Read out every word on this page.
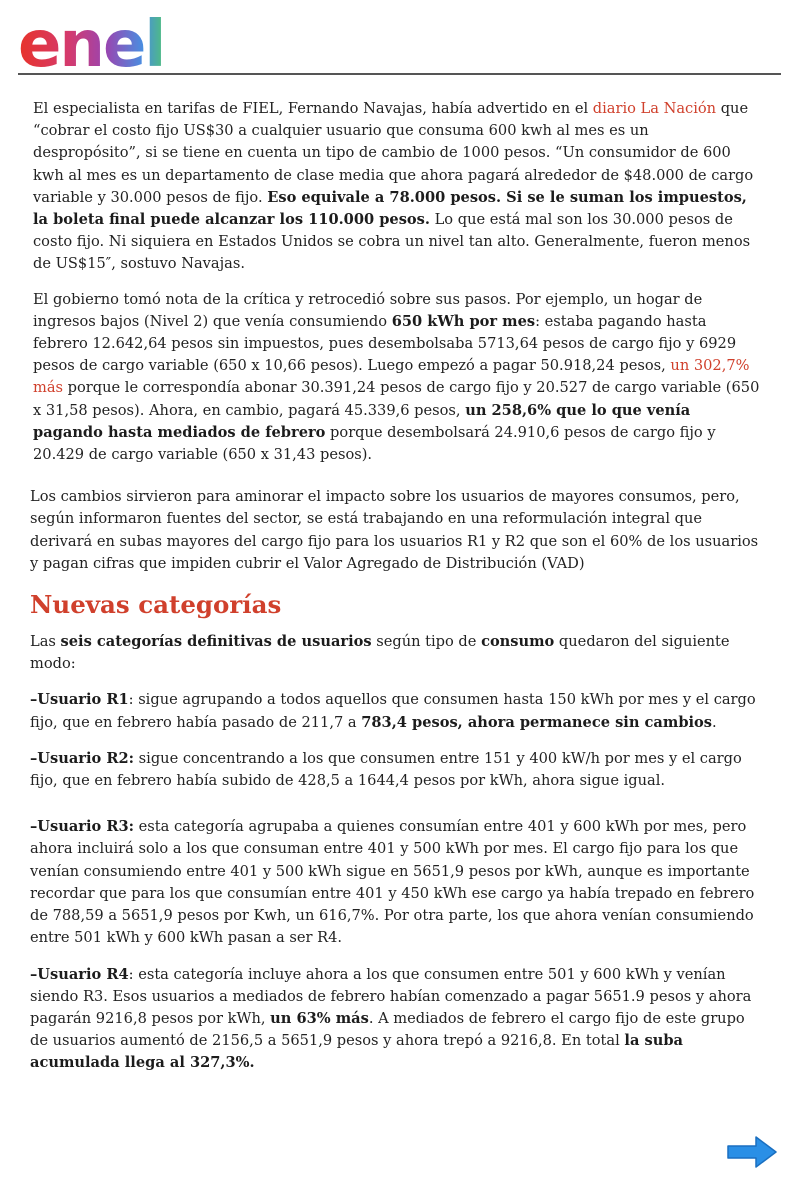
enel

El especialista en tarifas de FIEL, Fernando Navajas, había advertido en el diario La Nación que “cobrar el costo fijo US$30 a cualquier usuario que consuma 600 kwh al mes es un despropósito”, si se tiene en cuenta un tipo de cambio de 1000 pesos. “Un consumidor de 600 kwh al mes es un departamento de clase media que ahora pagará alrededor de $48.000 de cargo variable y 30.000 pesos de fijo. Eso equivale a 78.000 pesos. Si se le suman los impuestos, la boleta final puede alcanzar los 110.000 pesos. Lo que está mal son los 30.000 pesos de costo fijo. Ni siquiera en Estados Unidos se cobra un nivel tan alto. Generalmente, fueron menos de US$15″, sostuvo Navajas.

El gobierno tomó nota de la crítica y retrocedió sobre sus pasos. Por ejemplo, un hogar de ingresos bajos (Nivel 2) que venía consumiendo 650 kWh por mes: estaba pagando hasta febrero 12.642,64 pesos sin impuestos, pues desembolsaba 5713,64 pesos de cargo fijo y 6929 pesos de cargo variable (650 x 10,66 pesos). Luego empezó a pagar 50.918,24 pesos, un 302,7% más porque le correspondía abonar 30.391,24 pesos de cargo fijo y 20.527 de cargo variable (650 x 31,58 pesos). Ahora, en cambio, pagará 45.339,6 pesos, un 258,6% que lo que venía pagando hasta mediados de febrero porque desembolsará 24.910,6 pesos de cargo fijo y 20.429 de cargo variable (650 x 31,43 pesos).

Los cambios sirvieron para aminorar el impacto sobre los usuarios de mayores consumos, pero, según informaron fuentes del sector, se está trabajando en una reformulación integral que derivará en subas mayores del cargo fijo para los usuarios R1 y R2 que son el 60% de los usuarios y pagan cifras que impiden cubrir el Valor Agregado de Distribución (VAD)

Nuevas categorías

Las seis categorías definitivas de usuarios según tipo de consumo quedaron del siguiente modo:

–Usuario R1: sigue agrupando a todos aquellos que consumen hasta 150 kWh por mes y el cargo fijo, que en febrero había pasado de 211,7 a 783,4 pesos, ahora permanece sin cambios.

–Usuario R2: sigue concentrando a los que consumen entre 151 y 400 kW/h por mes y el cargo fijo, que en febrero había subido de 428,5 a 1644,4 pesos por kWh, ahora sigue igual.

–Usuario R3: esta categoría agrupaba a quienes consumían entre 401 y 600 kWh por mes, pero ahora incluirá solo a los que consuman entre 401 y 500 kWh por mes. El cargo fijo para los que venían consumiendo entre 401 y 500 kWh sigue en 5651,9 pesos por kWh, aunque es importante recordar que para los que consumían entre 401 y 450 kWh ese cargo ya había trepado en febrero de 788,59 a 5651,9 pesos por Kwh, un 616,7%. Por otra parte, los que ahora venían consumiendo entre 501 kWh y 600 kWh pasan a ser R4.

–Usuario R4: esta categoría incluye ahora a los que consumen entre 501 y 600 kWh y venían siendo R3. Esos usuarios a mediados de febrero habían comenzado a pagar 5651.9 pesos y ahora pagarán 9216,8 pesos por kWh, un 63% más. A mediados de febrero el cargo fijo de este grupo de usuarios aumentó de 2156,5 a 5651,9 pesos y ahora trepó a 9216,8. En total la suba acumulada llega al 327,3%.
